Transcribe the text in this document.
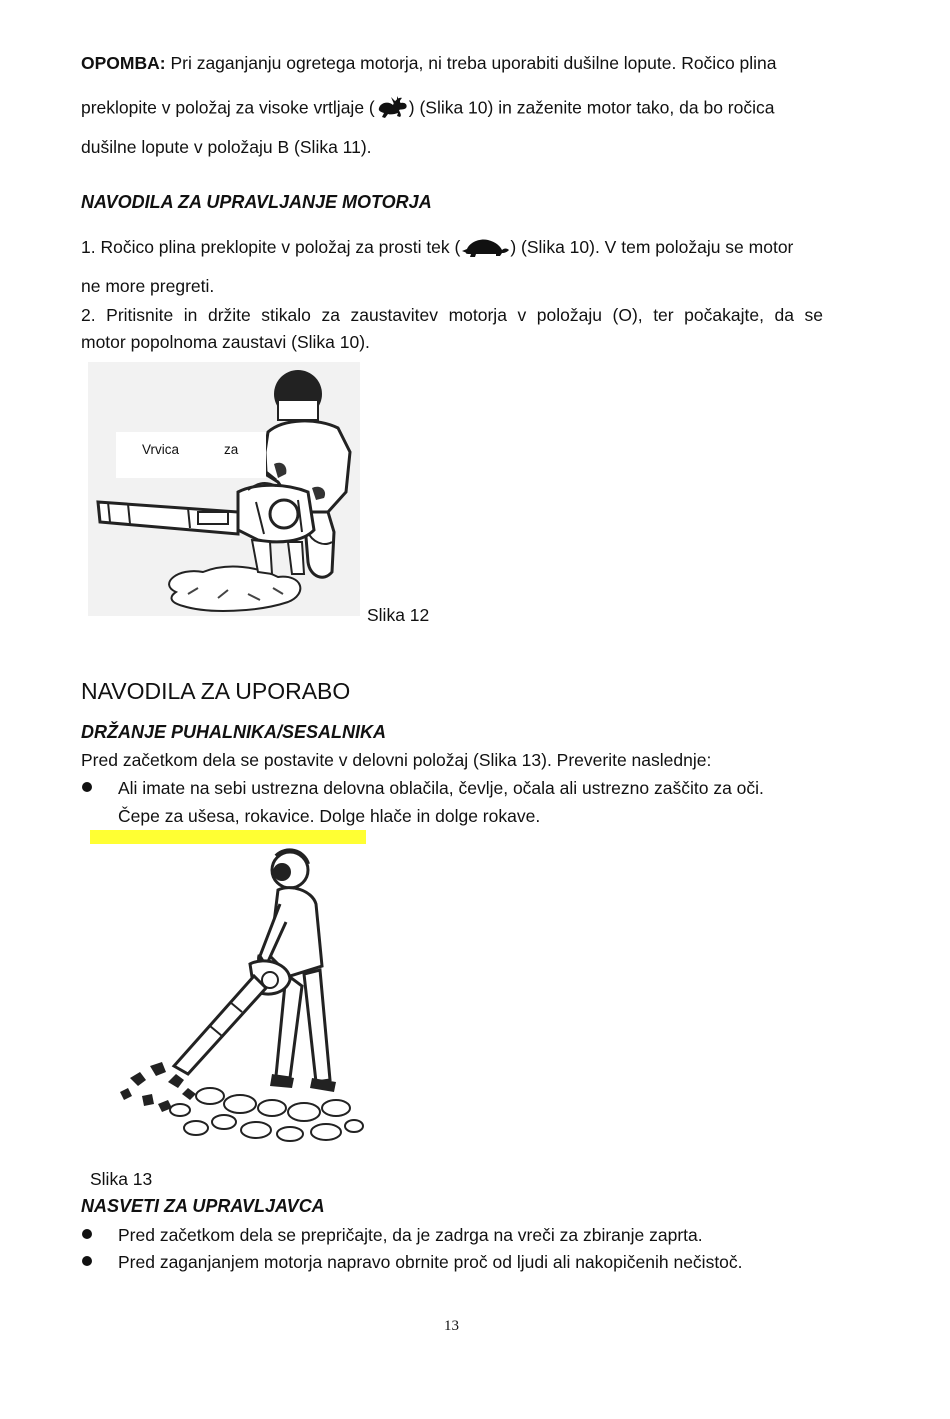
OPOMBA: Pri zaganjanju ogretega motorja, ni treba uporabiti dušilne lopute. Ročico plina
preklopite v položaj za visoke vrtljaje ( ) (Slika 10) in zaženite motor tako, da bo ročica
dušilne lopute v položaju B (Slika 11).
NAVODILA ZA UPRAVLJANJE MOTORJA
1. Ročico plina preklopite v položaj za prosti tek (	) (Slika 10). V tem položaju se motor
ne more pregreti.
2. Pritisnite in držite stikalo za zaustavitev motorja v položaju (O), ter počakajte, da se
motor popolnoma zaustavi (Slika 10).
Vrvica	za
Slika 12
NAVODILA ZA UPORABO
DRŽANJE PUHALNIKA/SESALNIKA
Pred začetkom dela se postavite v delovni položaj (Slika 13). Preverite naslednje:
Ali imate na sebi ustrezna delovna oblačila, čevlje, očala ali ustrezno zaščito za oči.
Čepe za ušesa, rokavice. Dolge hlače in dolge rokave.
Slika 13
NASVETI ZA UPRAVLJAVCA
Pred začetkom dela se prepričajte, da je zadrga na vreči za zbiranje zaprta.
Pred zaganjanjem motorja napravo obrnite proč od ljudi ali nakopičenih nečistoč.
13
